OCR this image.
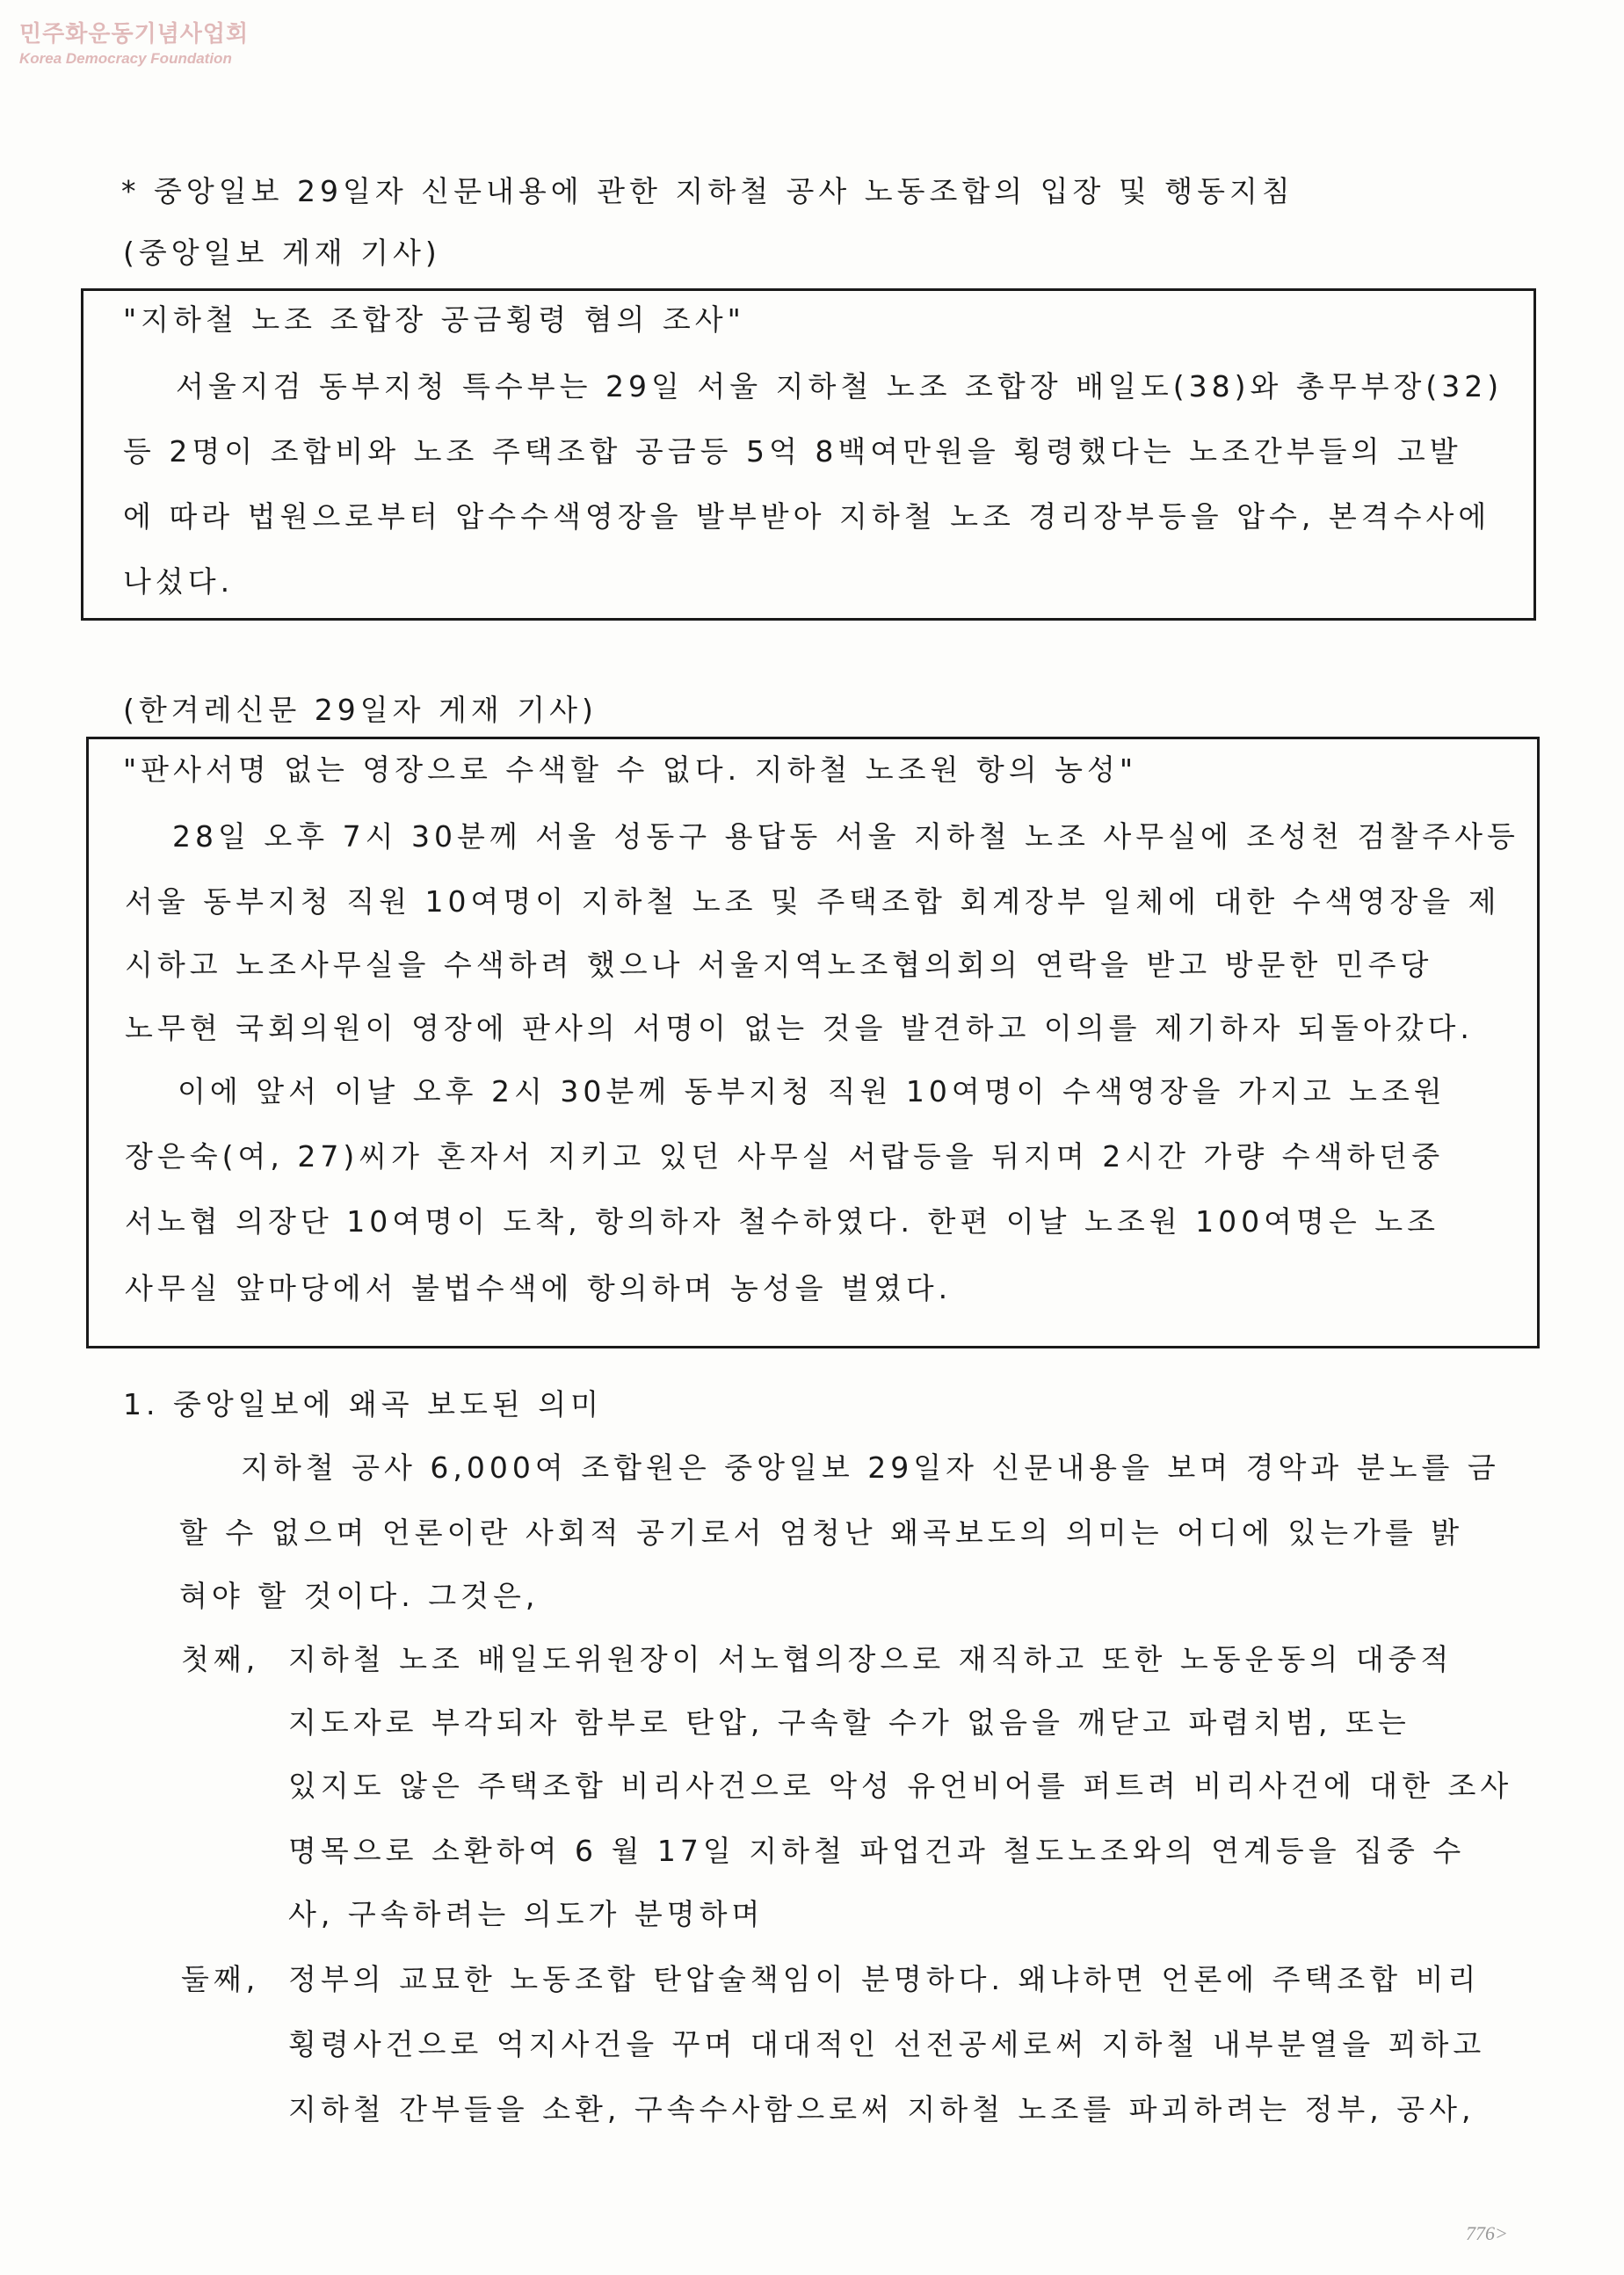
민주화운동기념사업회
Korea Democracy Foundation
* 중앙일보 29일자 신문내용에 관한 지하철 공사 노동조합의 입장 및 행동지침
(중앙일보 게재 기사)
"지하철 노조 조합장 공금횡령 혐의 조사"
서울지검 동부지청 특수부는 29일 서울 지하철 노조 조합장 배일도(38)와 총무부장(32)
등 2명이 조합비와 노조 주택조합 공금등 5억 8백여만원을 횡령했다는 노조간부들의 고발
에 따라 법원으로부터 압수수색영장을 발부받아 지하철 노조 경리장부등을 압수, 본격수사에
나섰다.
(한겨레신문 29일자 게재 기사)
"판사서명 없는 영장으로 수색할 수 없다. 지하철 노조원 항의 농성"
28일 오후 7시 30분께 서울 성동구 용답동 서울 지하철 노조 사무실에 조성천 검찰주사등
서울 동부지청 직원 10여명이 지하철 노조 및 주택조합 회계장부 일체에 대한 수색영장을 제
시하고 노조사무실을 수색하려 했으나 서울지역노조협의회의 연락을 받고 방문한 민주당
노무현 국회의원이 영장에 판사의 서명이 없는 것을 발견하고 이의를 제기하자 되돌아갔다.
이에 앞서 이날 오후 2시 30분께 동부지청 직원 10여명이 수색영장을 가지고 노조원
장은숙(여, 27)씨가 혼자서 지키고 있던 사무실 서랍등을 뒤지며 2시간 가량 수색하던중
서노협 의장단 10여명이 도착, 항의하자 철수하였다. 한편 이날 노조원 100여명은 노조
사무실 앞마당에서 불법수색에 항의하며 농성을 벌였다.
1. 중앙일보에 왜곡 보도된 의미
지하철 공사 6,000여 조합원은 중앙일보 29일자 신문내용을 보며 경악과 분노를 금
할 수 없으며 언론이란 사회적 공기로서 엄청난 왜곡보도의 의미는 어디에 있는가를 밝
혀야 할 것이다. 그것은,
첫째, 지하철 노조 배일도위원장이 서노협의장으로 재직하고 또한 노동운동의 대중적
지도자로 부각되자 함부로 탄압, 구속할 수가 없음을 깨닫고 파렴치범, 또는
있지도 않은 주택조합 비리사건으로 악성 유언비어를 퍼트려 비리사건에 대한 조사
명목으로 소환하여 6 월 17일 지하철 파업건과 철도노조와의 연계등을 집중 수
사, 구속하려는 의도가 분명하며
둘째, 정부의 교묘한 노동조합 탄압술책임이 분명하다. 왜냐하면 언론에 주택조합 비리
횡령사건으로 억지사건을 꾸며 대대적인 선전공세로써 지하철 내부분열을 꾀하고
지하철 간부들을 소환, 구속수사함으로써 지하철 노조를 파괴하려는 정부, 공사,
776>
